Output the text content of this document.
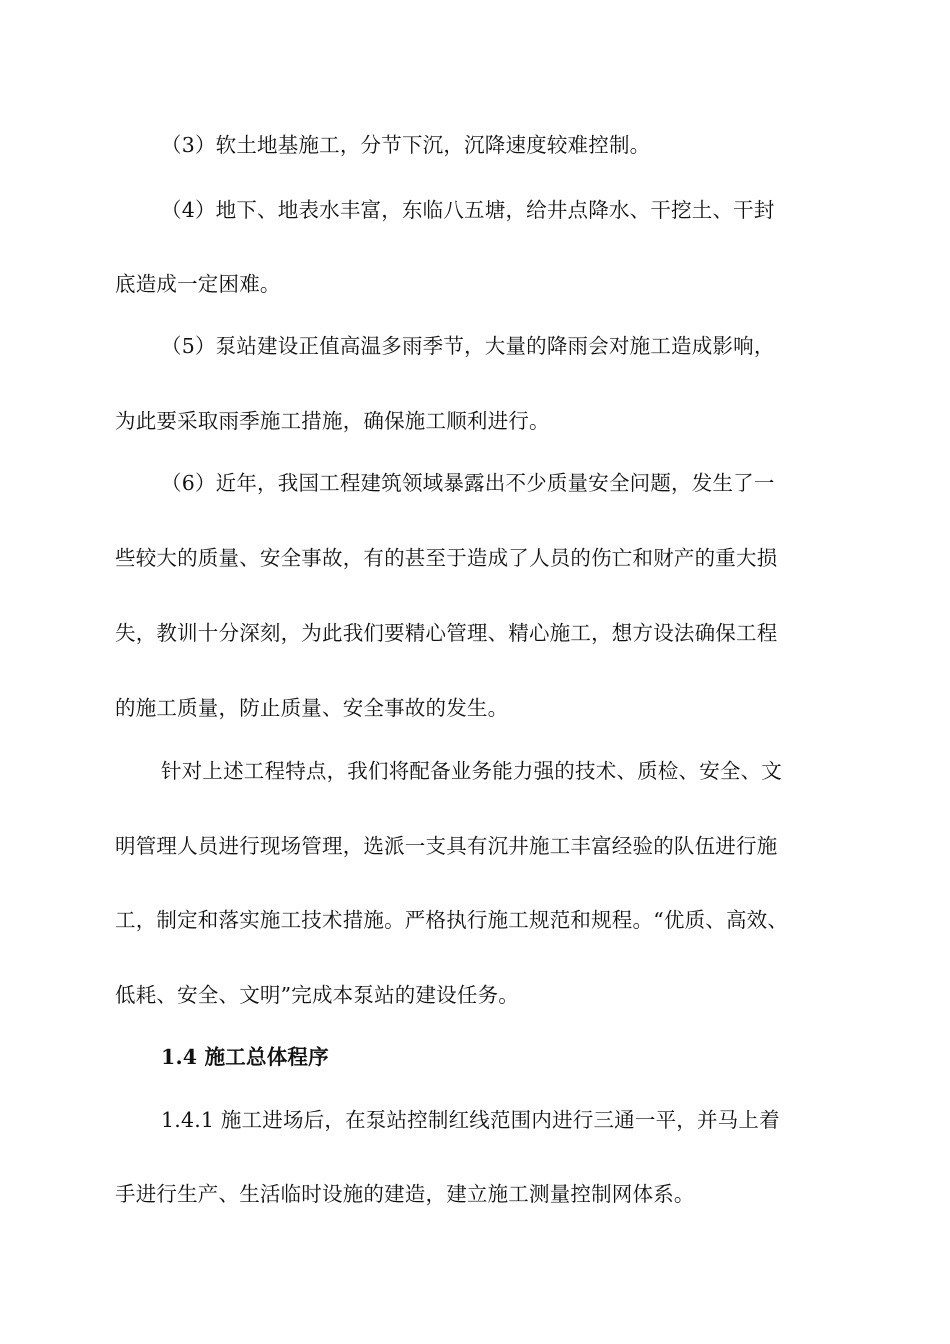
（3）软土地基施工，分节下沉，沉降速度较难控制。
（4）地下、地表水丰富，东临八五塘，给井点降水、干挖土、干封
底造成一定困难。
（5）泵站建设正值高温多雨季节，大量的降雨会对施工造成影响，
为此要采取雨季施工措施，确保施工顺利进行。
（6）近年，我国工程建筑领域暴露出不少质量安全问题，发生了一
些较大的质量、安全事故，有的甚至于造成了人员的伤亡和财产的重大损
失，教训十分深刻，为此我们要精心管理、精心施工，想方设法确保工程
的施工质量，防止质量、安全事故的发生。
针对上述工程特点，我们将配备业务能力强的技术、质检、安全、文
明管理人员进行现场管理，选派一支具有沉井施工丰富经验的队伍进行施
工，制定和落实施工技术措施。严格执行施工规范和规程。“优质、高效、
低耗、安全、文明”完成本泵站的建设任务。
1.4 施工总体程序
1.4.1 施工进场后，在泵站控制红线范围内进行三通一平，并马上着
手进行生产、生活临时设施的建造，建立施工测量控制网体系。
